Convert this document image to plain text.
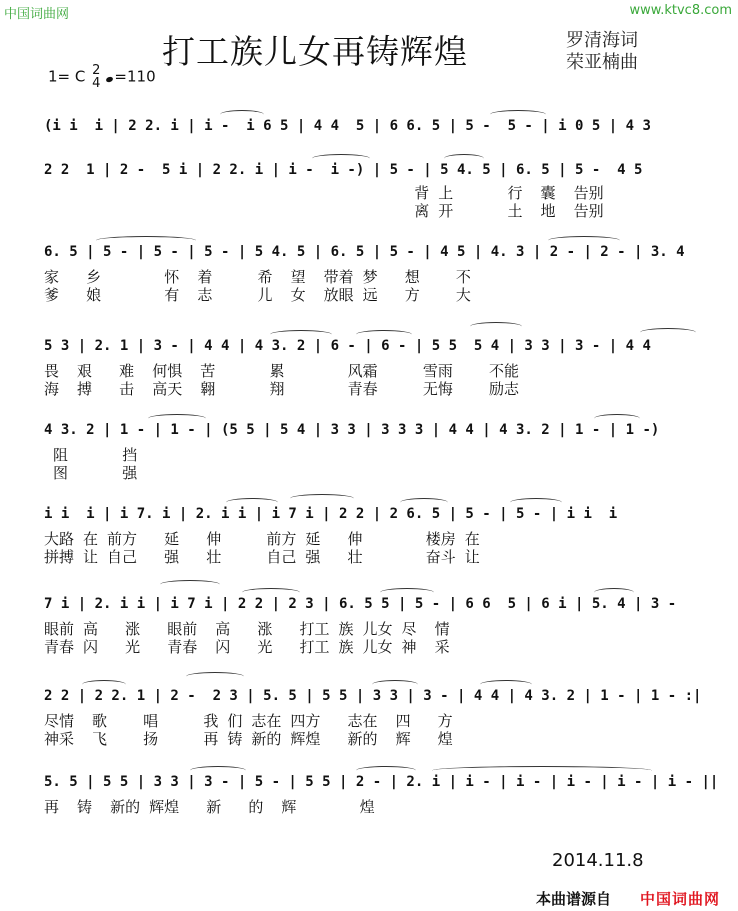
中国词曲网	www.ktvc8.com
打工族儿女再铸辉煌	罗清海词
荣亚楠曲
1= C 2
4 =110
(i i  i | 2 2. i | i -  i 6 5 | 4 4  5 | 6 6. 5 | 5 -  5 - | i 0 5 | 4 3
2 2  1 | 2 -  5 i | 2 2. i | i -  i -) | 5 - | 5 4. 5 | 6. 5 | 5 -  4 5
背 上      行  囊  告别
离 开      土  地  告别
6. 5 | 5 - | 5 - | 5 - | 5 4. 5 | 6. 5 | 5 - | 4 5 | 4. 3 | 2 - | 2 - | 3. 4
家   乡       怀  着     希  望  带着 梦   想    不
爹   娘       有  志     儿  女  放眼 远   方    大
5 3 | 2. 1 | 3 - | 4 4 | 4 3. 2 | 6 - | 6 - | 5 5  5 4 | 3 3 | 3 - | 4 4
畏  艰   难  何惧  苦      累       风霜     雪雨    不能
海  搏   击  高天  翱      翔       青春     无悔    励志
4 3. 2 | 1 - | 1 - | (5 5 | 5 4 | 3 3 | 3 3 3 | 4 4 | 4 3. 2 | 1 - | 1 -)
阻      挡
图      强
i i  i | i 7. i | 2. i i | i 7 i | 2 2 | 2 6. 5 | 5 - | 5 - | i i  i
大路 在 前方   延   伸     前方 延   伸       楼房 在
拼搏 让 自己   强   壮     自己 强   壮       奋斗 让
7 i | 2. i i | i 7 i | 2 2 | 2 3 | 6. 5 5 | 5 - | 6 6  5 | 6 i | 5. 4 | 3 -
眼前 高   涨   眼前  高   涨   打工 族 儿女 尽  情
青春 闪   光   青春  闪   光   打工 族 儿女 神  采
2 2 | 2 2. 1 | 2 -  2 3 | 5. 5 | 5 5 | 3 3 | 3 - | 4 4 | 4 3. 2 | 1 - | 1 - :|
尽情  歌    唱     我 们 志在 四方   志在  四   方
神采  飞    扬     再 铸 新的 辉煌   新的  辉   煌
5. 5 | 5 5 | 3 3 | 3 - | 5 - | 5 5 | 2 - | 2. i | i - | i - | i - | i - | i - ||
再  铸  新的 辉煌   新   的  辉       煌
2014.11.8
本曲谱源自 中国词曲网
